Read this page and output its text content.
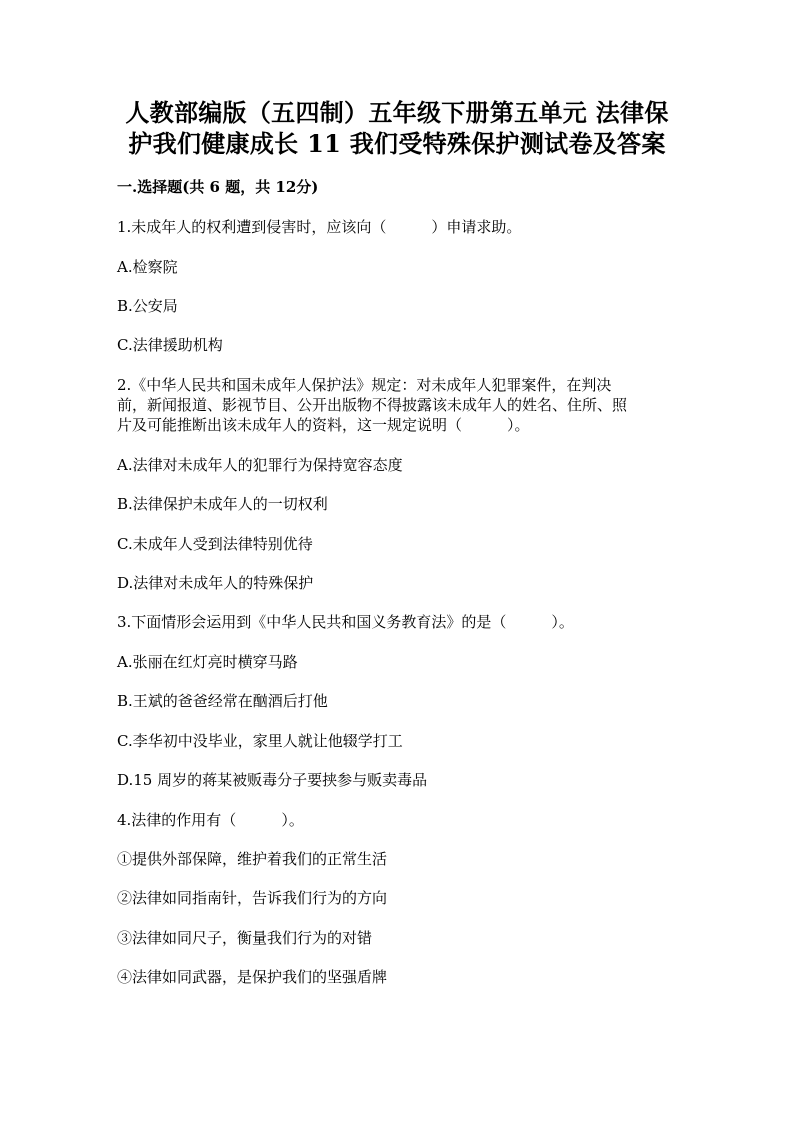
人教部编版（五四制）五年级下册第五单元 法律保
护我们健康成长 11 我们受特殊保护测试卷及答案
一.选择题(共 6 题，共 12分)
1.未成年人的权利遭到侵害时，应该向（　　　）申请求助。
A.检察院
B.公安局
C.法律援助机构
2.《中华人民共和国未成年人保护法》规定：对未成年人犯罪案件，在判决
前，新闻报道、影视节目、公开出版物不得披露该未成年人的姓名、住所、照
片及可能推断出该未成年人的资料，这一规定说明（　　　）。
A.法律对未成年人的犯罪行为保持宽容态度
B.法律保护未成年人的一切权利
C.未成年人受到法律特别优待
D.法律对未成年人的特殊保护
3.下面情形会运用到《中华人民共和国义务教育法》的是（　　　）。
A.张丽在红灯亮时横穿马路
B.王斌的爸爸经常在酗酒后打他
C.李华初中没毕业，家里人就让他辍学打工
D.15 周岁的蒋某被贩毒分子要挟参与贩卖毒品
4.法律的作用有（　　　）。
①提供外部保障，维护着我们的正常生活
②法律如同指南针，告诉我们行为的方向
③法律如同尺子，衡量我们行为的对错
④法律如同武器，是保护我们的坚强盾牌
